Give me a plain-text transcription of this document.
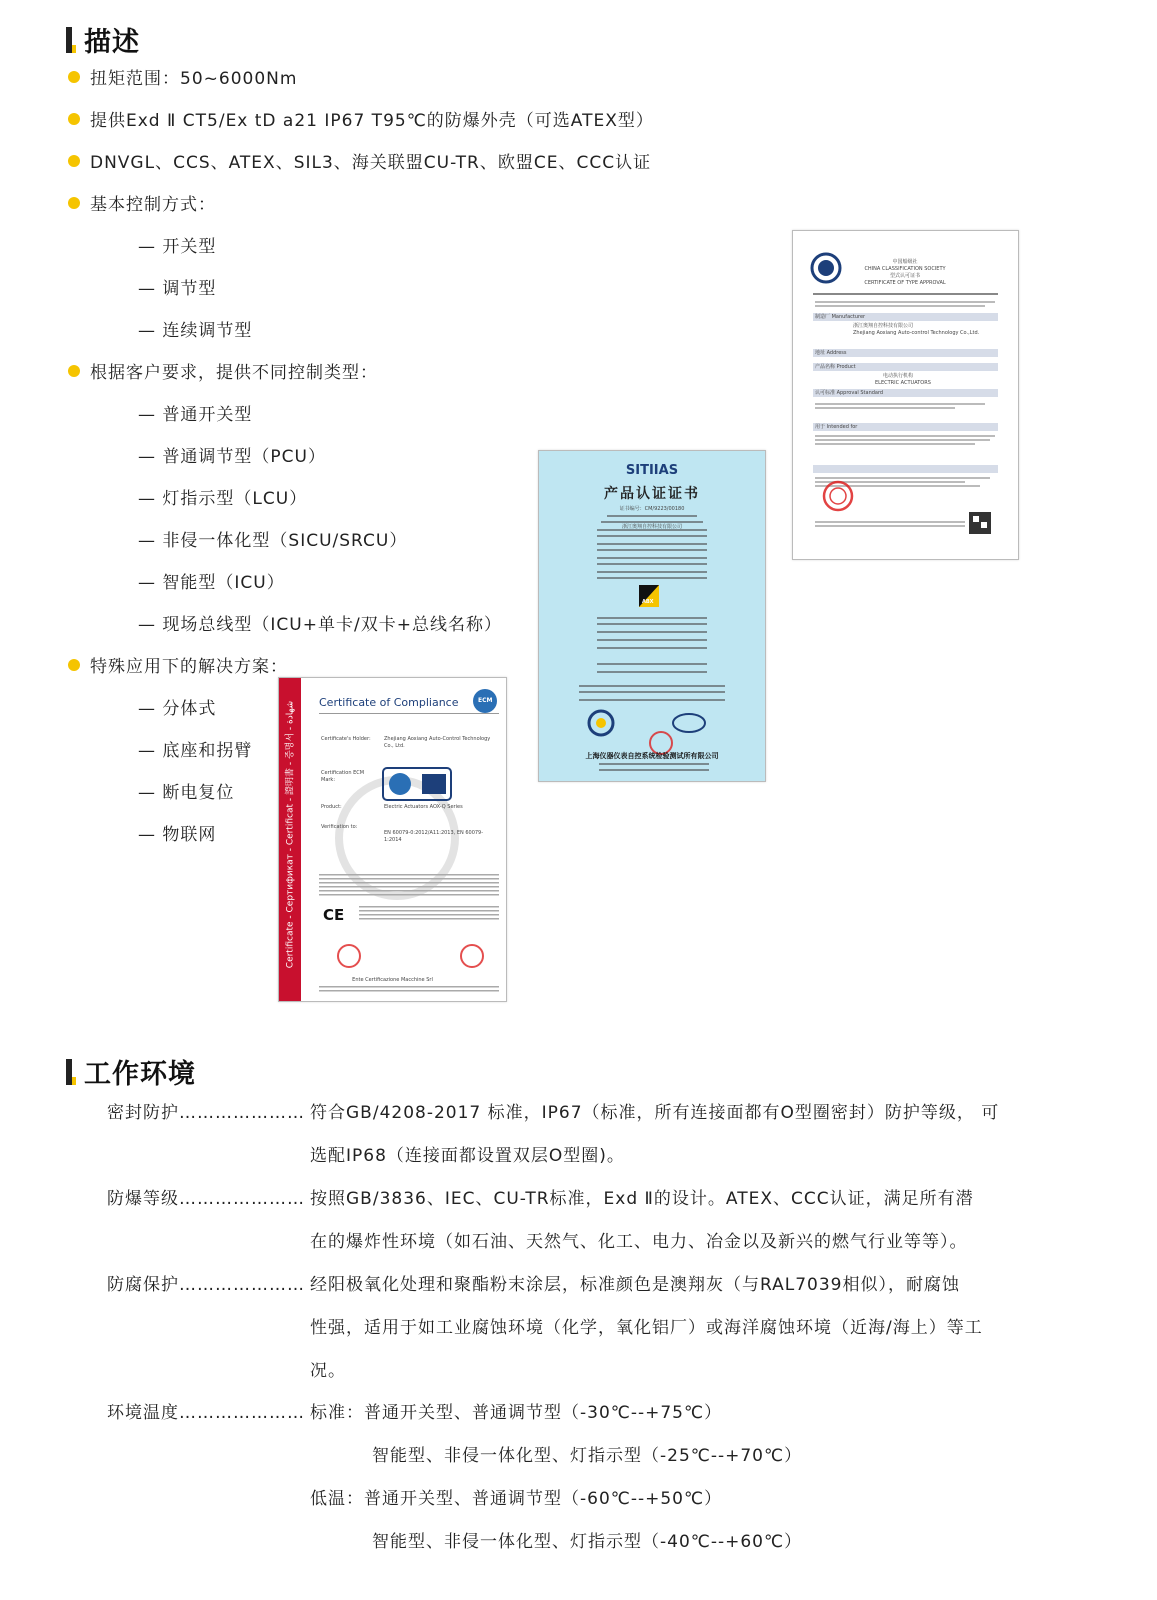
描述
扭矩范围：50~6000Nm
提供Exd Ⅱ CT5/Ex tD a21 IP67 T95℃的防爆外壳（可选ATEX型）
DNVGL、CCS、ATEX、SIL3、海关联盟CU-TR、欧盟CE、CCC认证
基本控制方式：
— 开关型
— 调节型
— 连续调节型
根据客户要求，提供不同控制类型：
— 普通开关型
— 普通调节型（PCU）
— 灯指示型（LCU）
— 非侵一体化型（SICU/SRCU）
— 智能型（ICU）
— 现场总线型（ICU+单卡/双卡+总线名称）
特殊应用下的解决方案：
— 分体式
— 底座和拐臂
— 断电复位
— 物联网
中国船级社
CHINA CLASSIFICATION SOCIETY
型式认可证书
CERTIFICATE OF TYPE APPROVAL
制造厂 Manufacturer
浙江奥翔自控科技有限公司
Zhejiang Aoxiang Auto-control Technology Co.,Ltd.
地址 Address
产品名称 Product
电动执行机构
ELECTRIC ACTUATORS
认可标准 Approval Standard
用于 Intended for
SITIIAS
产品认证证书
证书编号：CM/9223/00180
浙江奥翔自控科技有限公司
ABX
上海仪器仪表自控系统检验测试所有限公司
Certificate - Сертификат - Certificat - 證明書 - 증명서 - شهادة Certificate of Compliance	ECM
Certificate's Holder:	Zhejiang Aoxiang Auto-Control Technology Co., Ltd.
Certification ECM Mark:
Product:	Electric Actuators AOX-Q Series
Verification to:
EN 60079-0:2012/A11:2013, EN 60079-1:2014
CE
Ente Certificazione Macchine Srl
工作环境
密封防护………………… 符合GB/4208-2017 标准，IP67（标准，所有连接面都有O型圈密封）防护等级， 可
选配IP68（连接面都设置双层O型圈)。
防爆等级………………… 按照GB/3836、IEC、CU-TR标准，Exd Ⅱ的设计。ATEX、CCC认证，满足所有潜
在的爆炸性环境（如石油、天然气、化工、电力、冶金以及新兴的燃气行业等等）。
防腐保护………………… 经阳极氧化处理和聚酯粉末涂层，标准颜色是澳翔灰（与RAL7039相似），耐腐蚀
性强，适用于如工业腐蚀环境（化学，氧化铝厂）或海洋腐蚀环境（近海/海上）等工
况。
环境温度………………… 标准：普通开关型、普通调节型（-30℃--+75℃）
智能型、非侵一体化型、灯指示型（-25℃--+70℃）
低温：普通开关型、普通调节型（-60℃--+50℃）
智能型、非侵一体化型、灯指示型（-40℃--+60℃）
